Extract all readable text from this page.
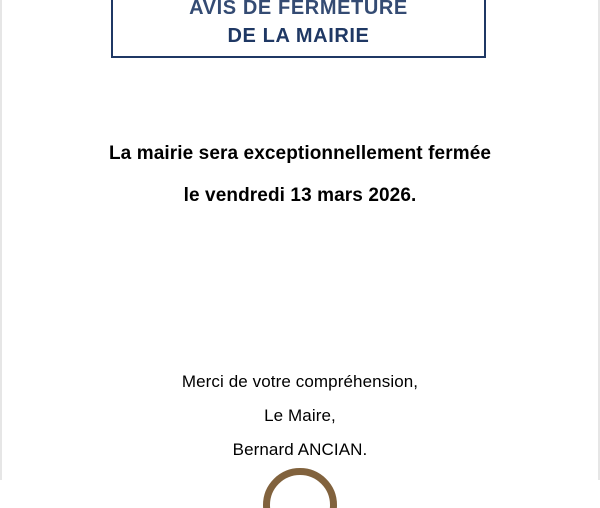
AVIS DE FERMETURE
DE LA MAIRIE
La mairie sera exceptionnellement fermée
le vendredi 13 mars 2026.
Merci de votre compréhension,
Le Maire,
Bernard ANCIAN.
